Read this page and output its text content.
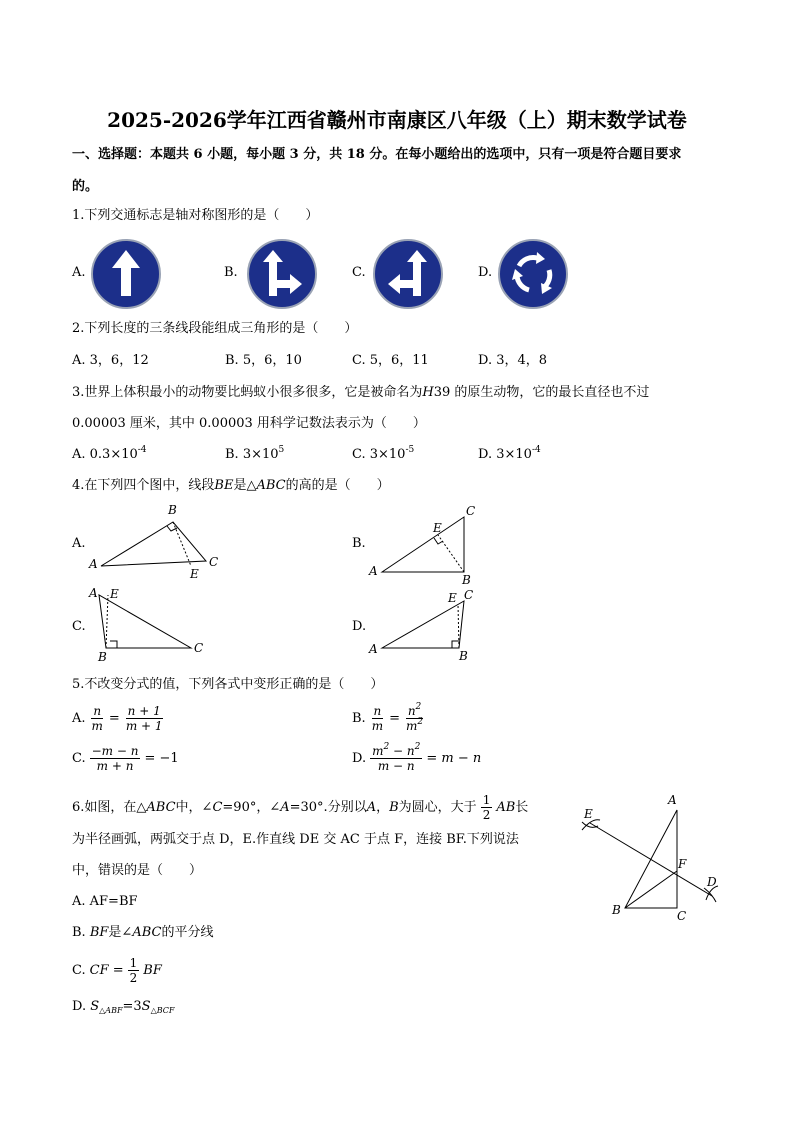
2025-2026学年江西省赣州市南康区八年级（上）期末数学试卷
一、选择题：本题共 6 小题，每小题 3 分，共 18 分。在每小题给出的选项中，只有一项是符合题目要求
的。
1.下列交通标志是轴对称图形的是（　　）
A.	B.	C.	D.
2.下列长度的三条线段能组成三角形的是（　　）
A. 3，6，12	B. 5，6，10	C. 5，6，11	D. 3，4，8
3.世界上体积最小的动物要比蚂蚁小很多很多，它是被命名为H39 的原生动物，它的最长直径也不过
0.00003 厘米，其中 0.00003 用科学记数法表示为（　　）
A. $0.3\times 10^{-4}$	B. $3\times 10^5$	C. $3\times 10^{-5}$	D. $3\times 10^{-4}$
4.在下列四个图中，线段BE是△ABC的高的是（　　）
A.
A
B
C
E
B.
A
C
B
E
C.
A E
B
C
D.
A
E C
B
5.不改变分式的值，下列各式中变形正确的是（　　）
A. $\frac{n}{m} = \frac{n + 1}{m + 1}$	B. $\frac{n}{m} = \frac{n^2}{m^2}$
C. $\frac{-m - n}{m + n} = -1$	D. $\frac{m^2 - n^2}{m - n} = m - n$
6.如图，在△ ABC 中，∠ C =90°，∠ A =30°.分别以 A ， B 为圆心，大于 $\frac{1}{2}$ AB 长
为半径画弧，两弧交于点 D，E.作直线 DE 交 AC 于点 F，连接 BF.下列说法
中，错误的是（　　）
A. AF=BF
B. BF是∠ABC的平分线
C. CF = $\frac{1}{2}$ BF
D. $S_{\triangle ABF}=3S_{\triangle BCF}$
A
B	C
D
E
F
